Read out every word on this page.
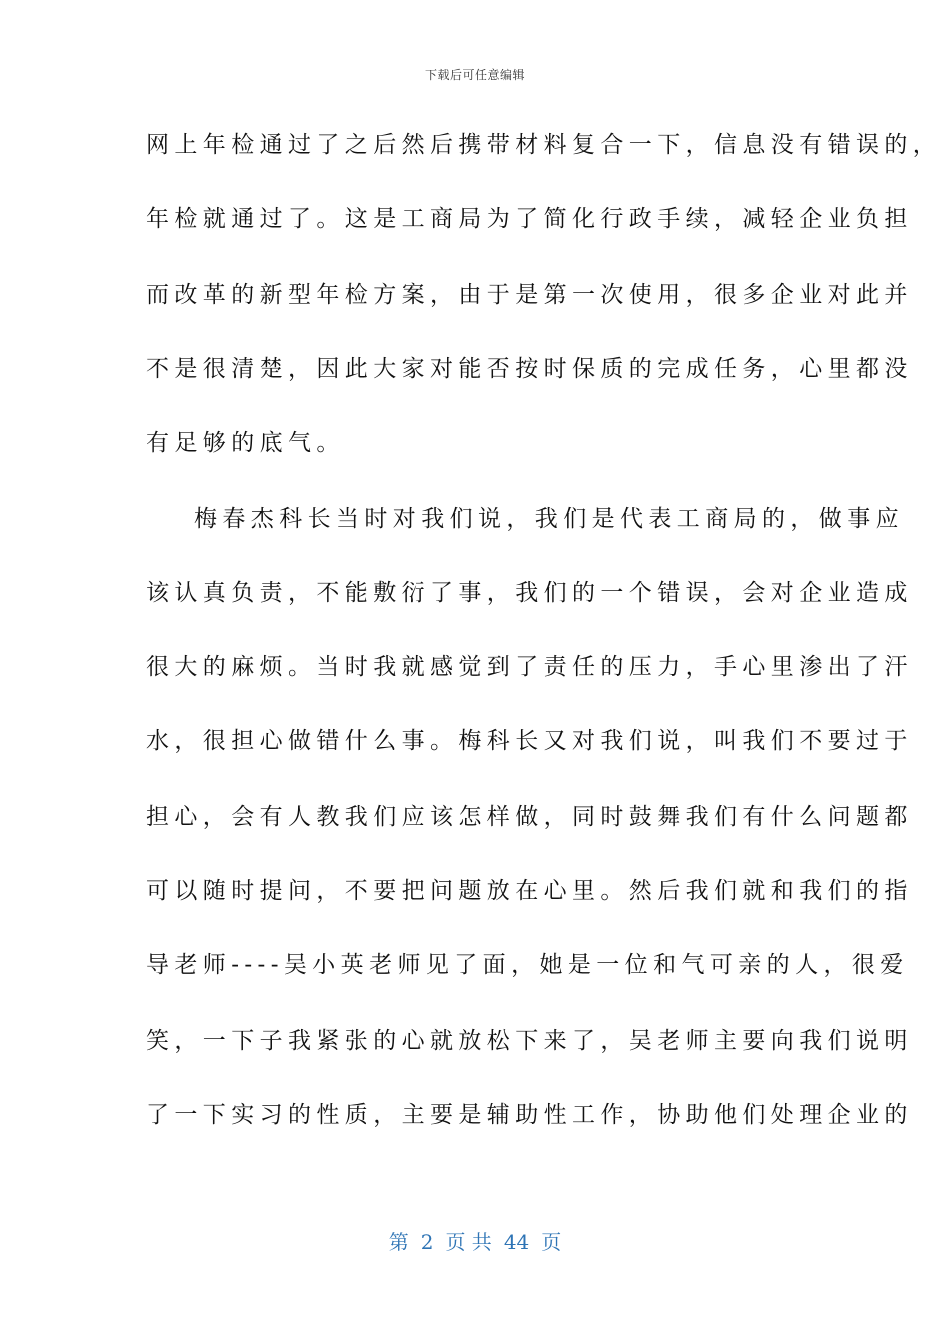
下载后可任意编辑
网上年检通过了之后然后携带材料复合一下，信息没有错误的，
年检就通过了。这是工商局为了简化行政手续，减轻企业负担
而改革的新型年检方案，由于是第一次使用，很多企业对此并
不是很清楚，因此大家对能否按时保质的完成任务，心里都没
有足够的底气。
梅春杰科长当时对我们说，我们是代表工商局的，做事应
该认真负责，不能敷衍了事，我们的一个错误，会对企业造成
很大的麻烦。当时我就感觉到了责任的压力，手心里渗出了汗
水，很担心做错什么事。梅科长又对我们说，叫我们不要过于
担心，会有人教我们应该怎样做，同时鼓舞我们有什么问题都
可以随时提问，不要把问题放在心里。然后我们就和我们的指
导老师----吴小英老师见了面，她是一位和气可亲的人，很爱
笑，一下子我紧张的心就放松下来了，吴老师主要向我们说明
了一下实习的性质，主要是辅助性工作，协助他们处理企业的
第 2 页 共 44 页
